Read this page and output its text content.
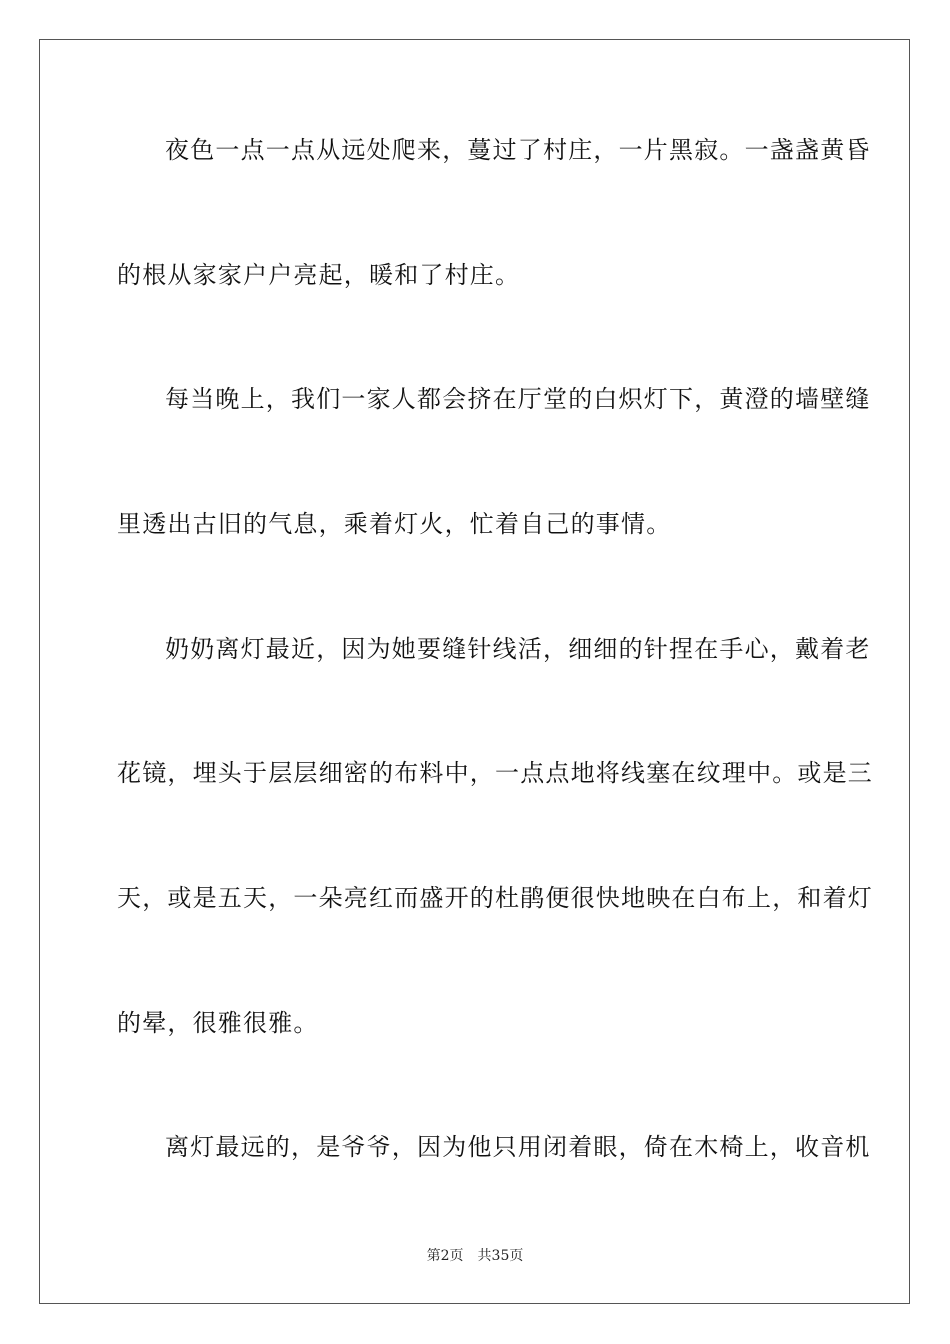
夜色一点一点从远处爬来，蔓过了村庄，一片黑寂。一盏盏黄昏
的根从家家户户亮起，暖和了村庄。
每当晚上，我们一家人都会挤在厅堂的白炽灯下，黄澄的墙壁缝
里透出古旧的气息，乘着灯火，忙着自己的事情。
奶奶离灯最近，因为她要缝针线活，细细的针捏在手心，戴着老
花镜，埋头于层层细密的布料中，一点点地将线塞在纹理中。或是三
天，或是五天，一朵亮红而盛开的杜鹃便很快地映在白布上，和着灯
的晕，很雅很雅。
离灯最远的，是爷爷，因为他只用闭着眼，倚在木椅上，收音机
第2页　共35页
